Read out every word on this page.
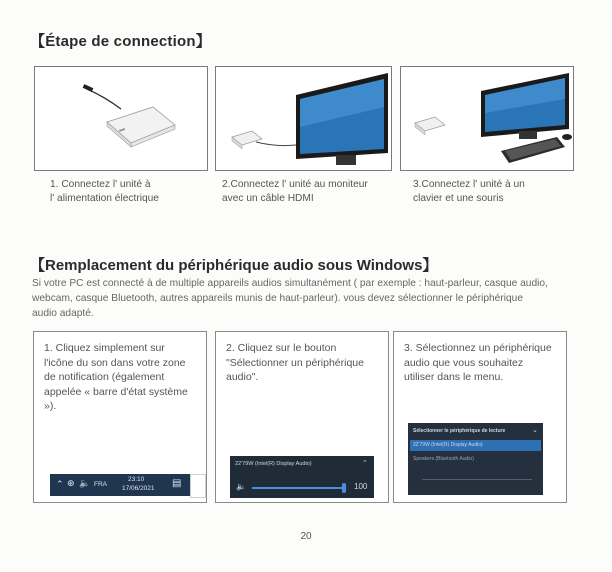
【Étape de connection】
1. Connectez l' unité à
l' alimentation électrique
2.Connectez l' unité au moniteur
avec un câble HDMI
3.Connectez l' unité à un
clavier et une souris
【Remplacement du périphérique audio sous Windows】
Si votre PC est connecté à de multiple appareils audios simultanément ( par exemple : haut-parleur, casque audio,
webcam, casque Bluetooth, autres appareils munis de haut-parleur). vous devez sélectionner le périphérique
audio adapté.
1. Cliquez simplement sur
l'icône du son dans votre zone
de notification (également
appelée « barre d'état système
»).
⌃ ⊕ 🔈 FRA
23:10
17/06/2021 ▤
2. Cliquez sur le bouton
"Sélectionner un périphérique
audio".
22'79W (Intel(R) Display Audio)	⌃
🔈	100
3. Sélectionnez un périphérique
audio que vous souhaitez
utiliser dans le menu.
Sélectionner le périphérique de lecture	⌄
22'79W (Intel(R) Display Audio)
Speakers (Bluetooth Audio)
20
